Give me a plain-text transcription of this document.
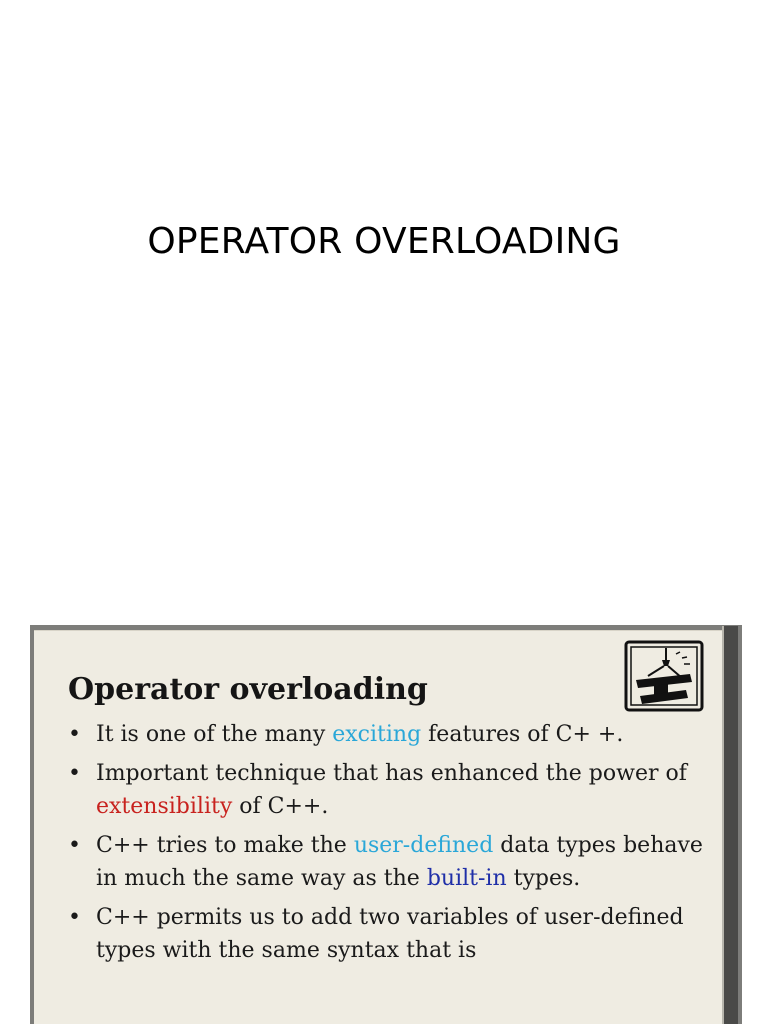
OPERATOR OVERLOADING
Operator overloading
• It is one of the many exciting features of C+ +.
• Important technique that has enhanced the power of extensibility of C++.
• C++ tries to make the user-defined data types behave in much the same way as the built-in types.
• C++ permits us to add two variables of user-defined types with the same syntax that is
